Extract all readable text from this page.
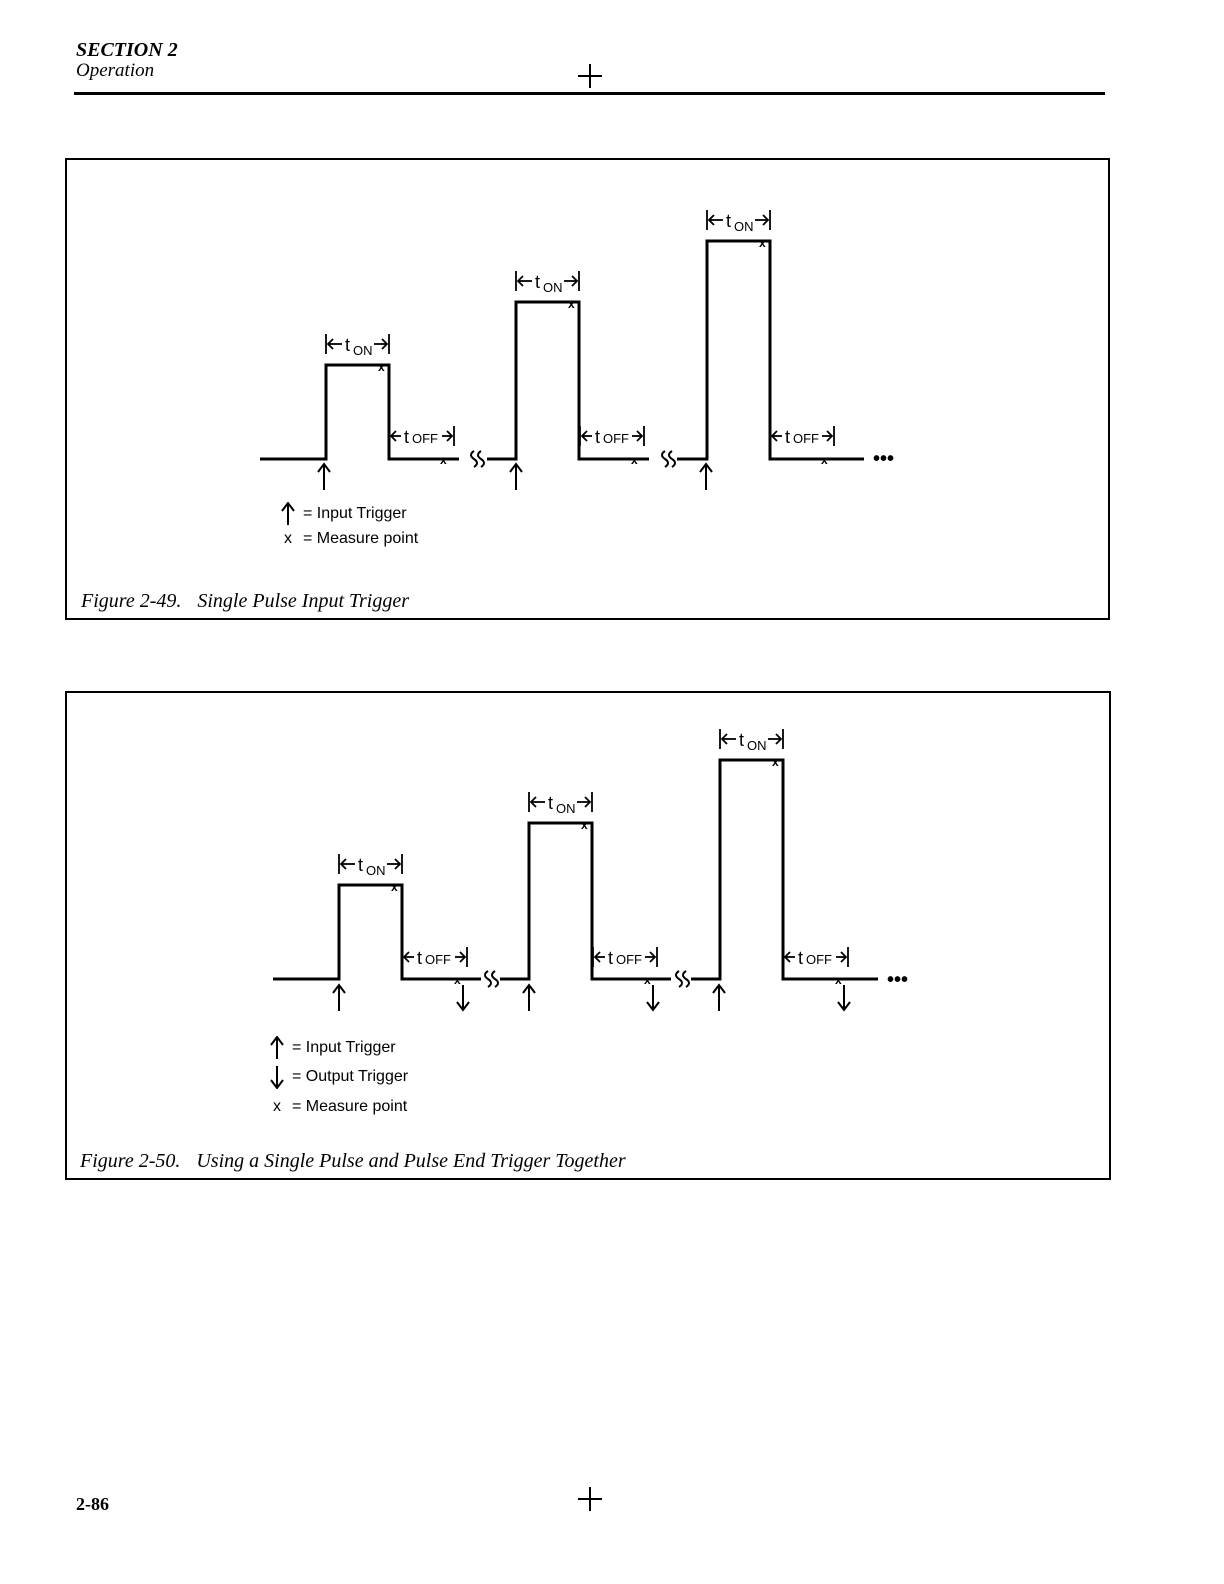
SECTION 2
Operation
•••
x
x
x
x	x	x
t ON
t ON
t ON
t OFF	t OFF	t OFF
= Input Trigger
x = Measure point
Figure 2-49. Single Pulse Input Trigger
•••
x
x
x
x	x	x
t ON
t ON
t ON
t OFF	t OFF	t OFF
= Input Trigger
= Output Trigger
x = Measure point
Figure 2-50. Using a Single Pulse and Pulse End Trigger Together
2-86
